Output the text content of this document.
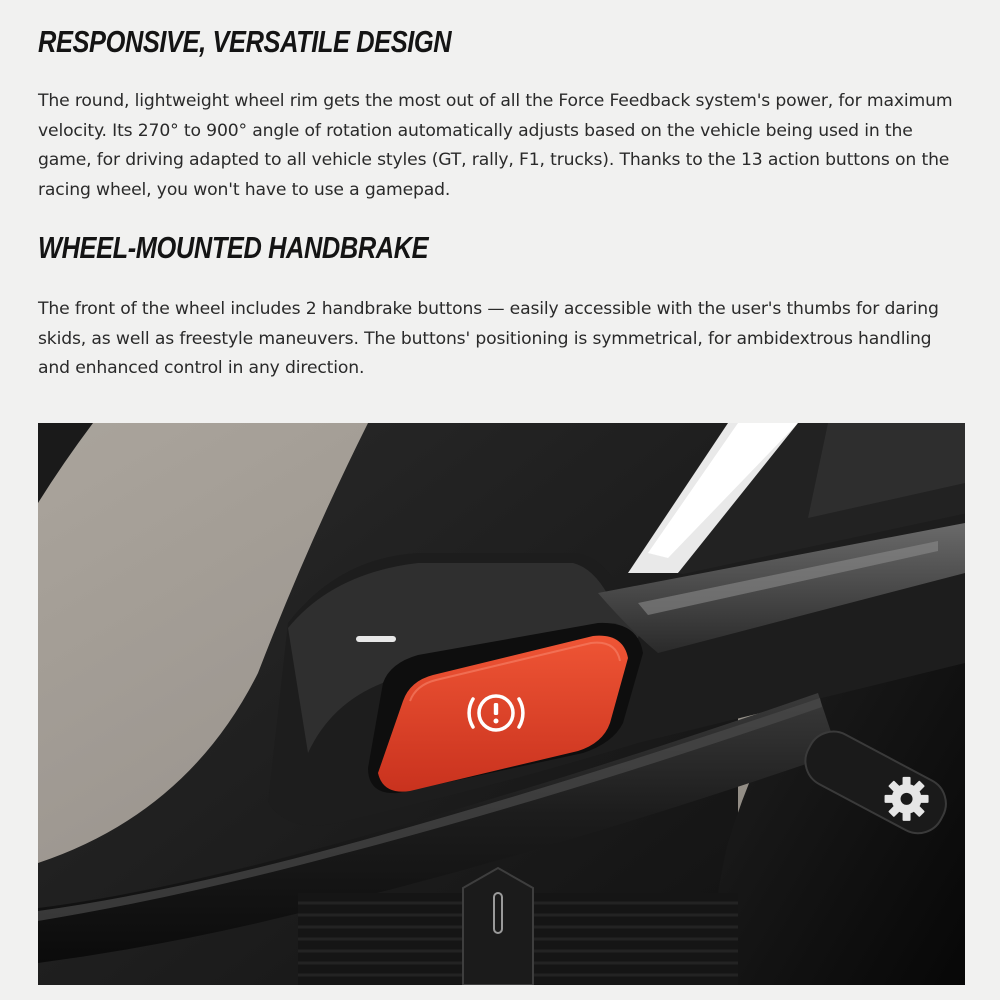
RESPONSIVE, VERSATILE DESIGN

The round, lightweight wheel rim gets the most out of all the Force Feedback system's power, for maximum velocity. Its 270° to 900° angle of rotation automatically adjusts based on the vehicle being used in the game, for driving adapted to all vehicle styles (GT, rally, F1, trucks). Thanks to the 13 action buttons on the racing wheel, you won't have to use a gamepad.

WHEEL-MOUNTED HANDBRAKE

The front of the wheel includes 2 handbrake buttons — easily accessible with the user's thumbs for daring skids, as well as freestyle maneuvers. The buttons' positioning is symmetrical, for ambidextrous handling and enhanced control in any direction.
